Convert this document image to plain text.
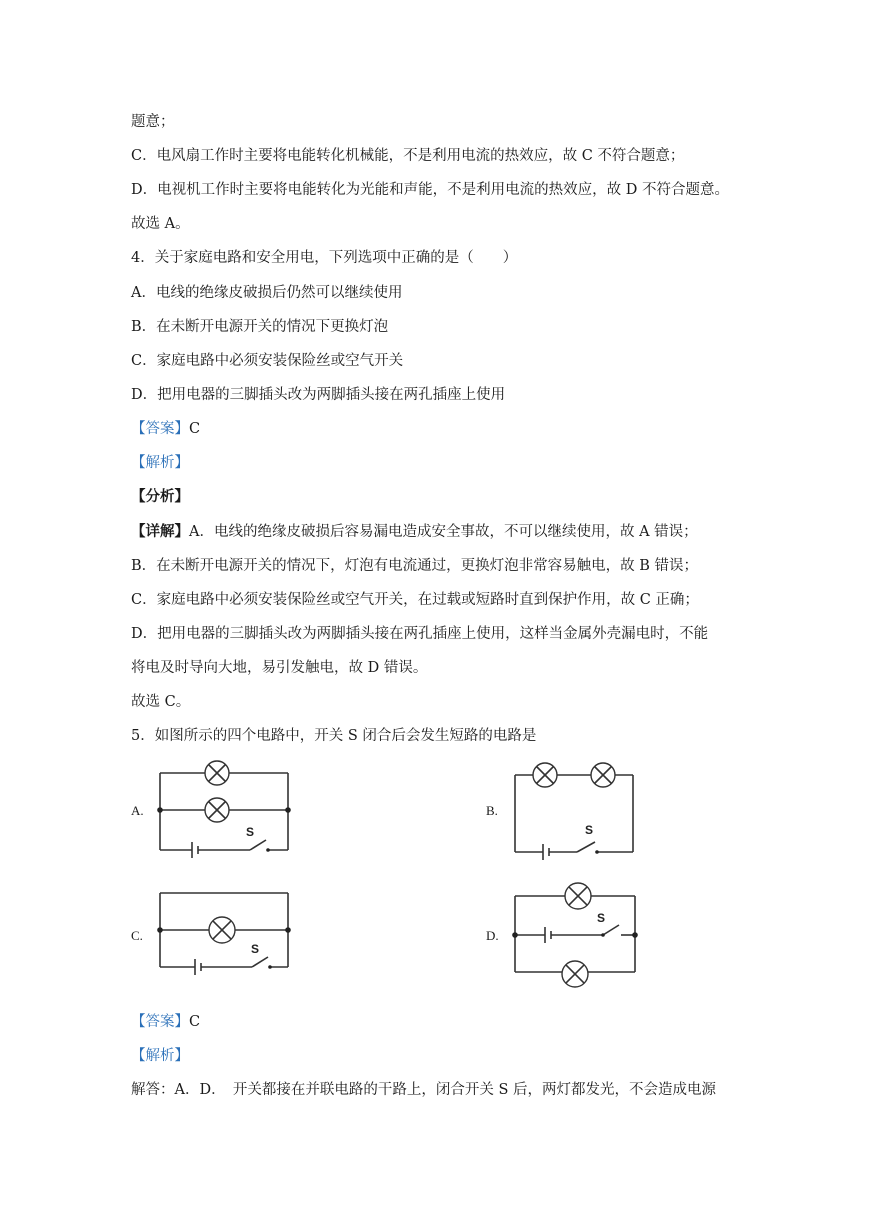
题意；
C．电风扇工作时主要将电能转化机械能，不是利用电流的热效应，故 C 不符合题意；
D．电视机工作时主要将电能转化为光能和声能，不是利用电流的热效应，故 D 不符合题意。
故选 A。
4．关于家庭电路和安全用电，下列选项中正确的是（　　）
A．电线的绝缘皮破损后仍然可以继续使用
B．在未断开电源开关的情况下更换灯泡
C．家庭电路中必须安装保险丝或空气开关
D．把用电器的三脚插头改为两脚插头接在两孔插座上使用
【答案】C
【解析】
【分析】
【详解】A．电线的绝缘皮破损后容易漏电造成安全事故，不可以继续使用，故 A 错误；
B．在未断开电源开关的情况下，灯泡有电流通过，更换灯泡非常容易触电，故 B 错误；
C．家庭电路中必须安装保险丝或空气开关，在过载或短路时直到保护作用，故 C 正确；
D．把用电器的三脚插头改为两脚插头接在两孔插座上使用，这样当金属外壳漏电时，不能
将电及时导向大地，易引发触电，故 D 错误。
故选 C。
5．如图所示的四个电路中，开关 S 闭合后会发生短路的电路是
A.
S
B.
S
C.
S
D.
S
【答案】C
【解析】
解答：A．D．　开关都接在并联电路的干路上，闭合开关 S 后，两灯都发光，不会造成电源
